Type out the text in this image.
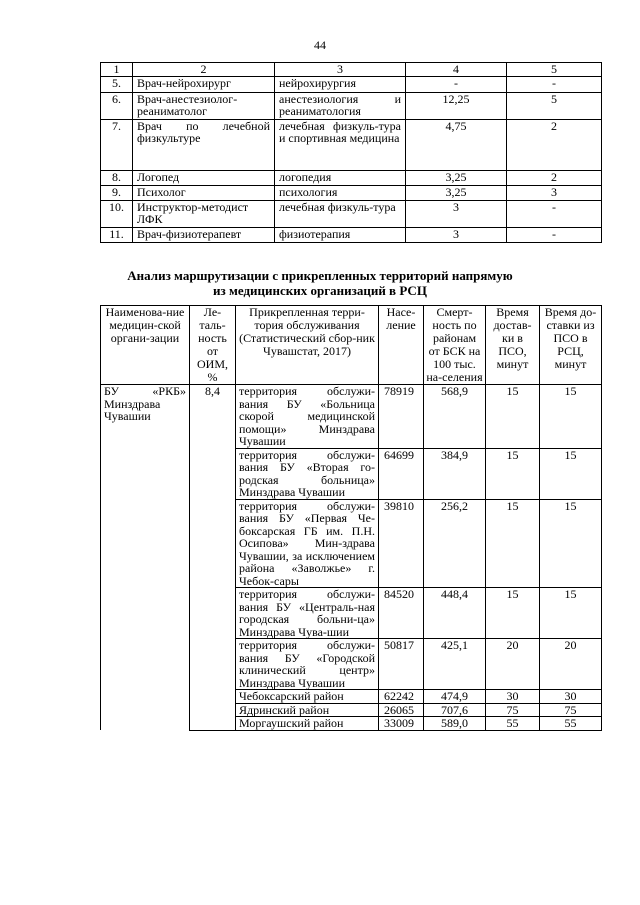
44
1	2	3	4	5
5.	Врач-нейрохирург	нейрохирургия	-	-
6.	Врач-анестезиолог-реаниматолог	анестезиология и реаниматология	12,25	5
7.	Врач по лечебной физкультуре	лечебная физкуль-тура и спортивная медицина	4,75	2
8.	Логопед	логопедия	3,25	2
9.	Психолог	психология	3,25	3
10.	Инструктор-методист ЛФК	лечебная физкуль-тура	3	-
11.	Врач-физиотерапевт	физиотерапия	3	-
Анализ маршрутизации с прикрепленных территорий напрямую
из медицинских организаций в РСЦ
Наименова-ние медицин-ской органи-зации	Ле-таль-ность от ОИМ, %	Прикрепленная терри-тория обслуживания (Статистический сбор-ник Чувашстат, 2017)	Насе-ление	Смерт-ность по районам от БСК на 100 тыс. на-селения	Время достав-ки в ПСО, минут	Время до-ставки из ПСО в РСЦ, минут
БУ «РКБ» Минздрава Чувашии	8,4	территория обслужи-вания БУ «Больница скорой медицинской помощи» Минздрава Чувашии	78919	568,9	15	15
		территория обслужи-вания БУ «Вторая го-родская больница» Минздрава Чувашии	64699	384,9	15	15
		территория обслужи-вания БУ «Первая Че-боксарская ГБ им. П.Н. Осипова» Мин-здрава Чувашии, за исключением района «Заволжье» г. Чебок-сары	39810	256,2	15	15
		территория обслужи-вания БУ «Централь-ная городская больни-ца» Минздрава Чува-шии	84520	448,4	15	15
		территория обслужи-вания БУ «Городской клинический центр» Минздрава Чувашии	50817	425,1	20	20
		Чебоксарский район	62242	474,9	30	30
		Ядринский район	26065	707,6	75	75
		Моргаушский район	33009	589,0	55	55
